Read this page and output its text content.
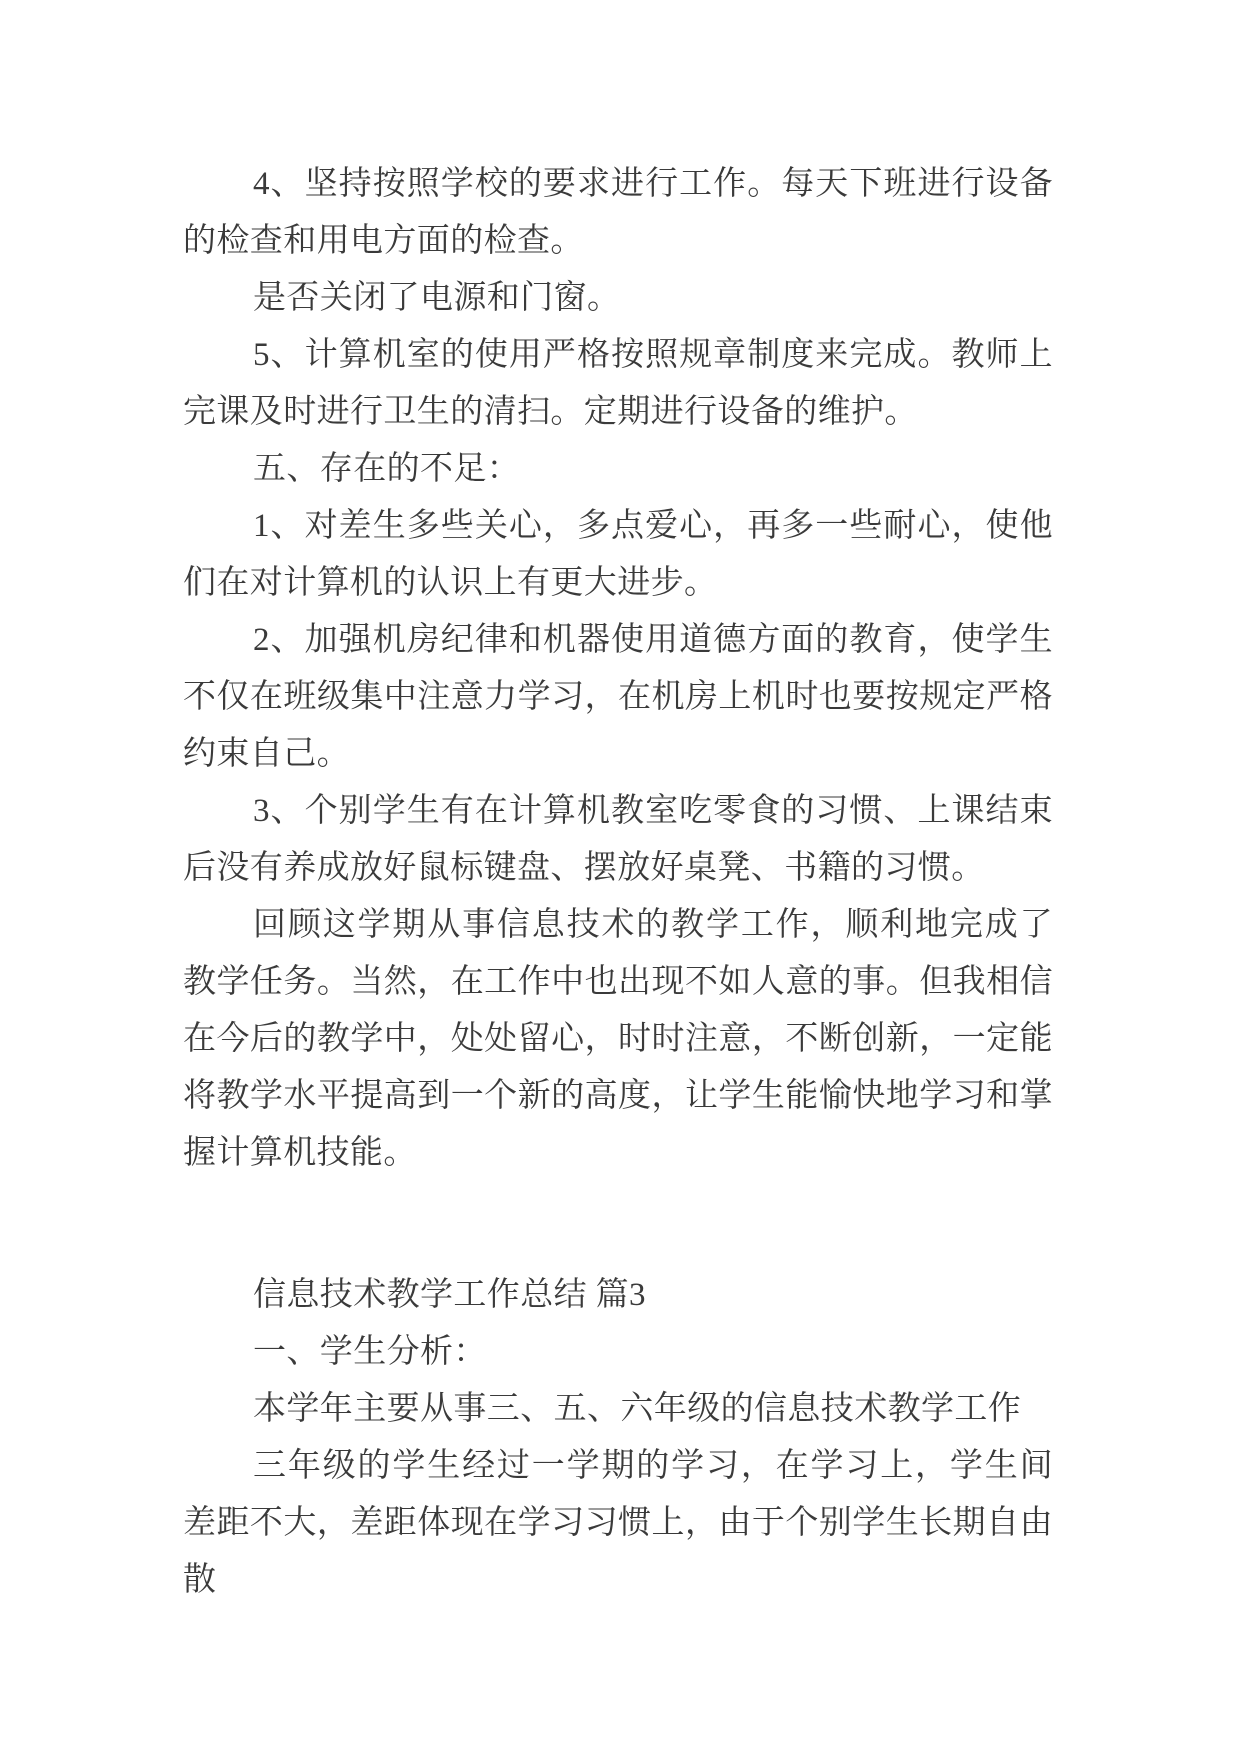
4、坚持按照学校的要求进行工作。每天下班进行设备的检查和用电方面的检查。

是否关闭了电源和门窗。

5、计算机室的使用严格按照规章制度来完成。教师上完课及时进行卫生的清扫。定期进行设备的维护。

五、存在的不足：

1、对差生多些关心，多点爱心，再多一些耐心，使他们在对计算机的认识上有更大进步。

2、加强机房纪律和机器使用道德方面的教育，使学生不仅在班级集中注意力学习，在机房上机时也要按规定严格约束自己。

3、个别学生有在计算机教室吃零食的习惯、上课结束后没有养成放好鼠标键盘、摆放好桌凳、书籍的习惯。

回顾这学期从事信息技术的教学工作，顺利地完成了教学任务。当然，在工作中也出现不如人意的事。但我相信在今后的教学中，处处留心，时时注意，不断创新，一定能将教学水平提高到一个新的高度，让学生能愉快地学习和掌握计算机技能。

信息技术教学工作总结 篇3

一、学生分析：

本学年主要从事三、五、六年级的信息技术教学工作

三年级的学生经过一学期的学习，在学习上，学生间差距不大，差距体现在学习习惯上，由于个别学生长期自由散
